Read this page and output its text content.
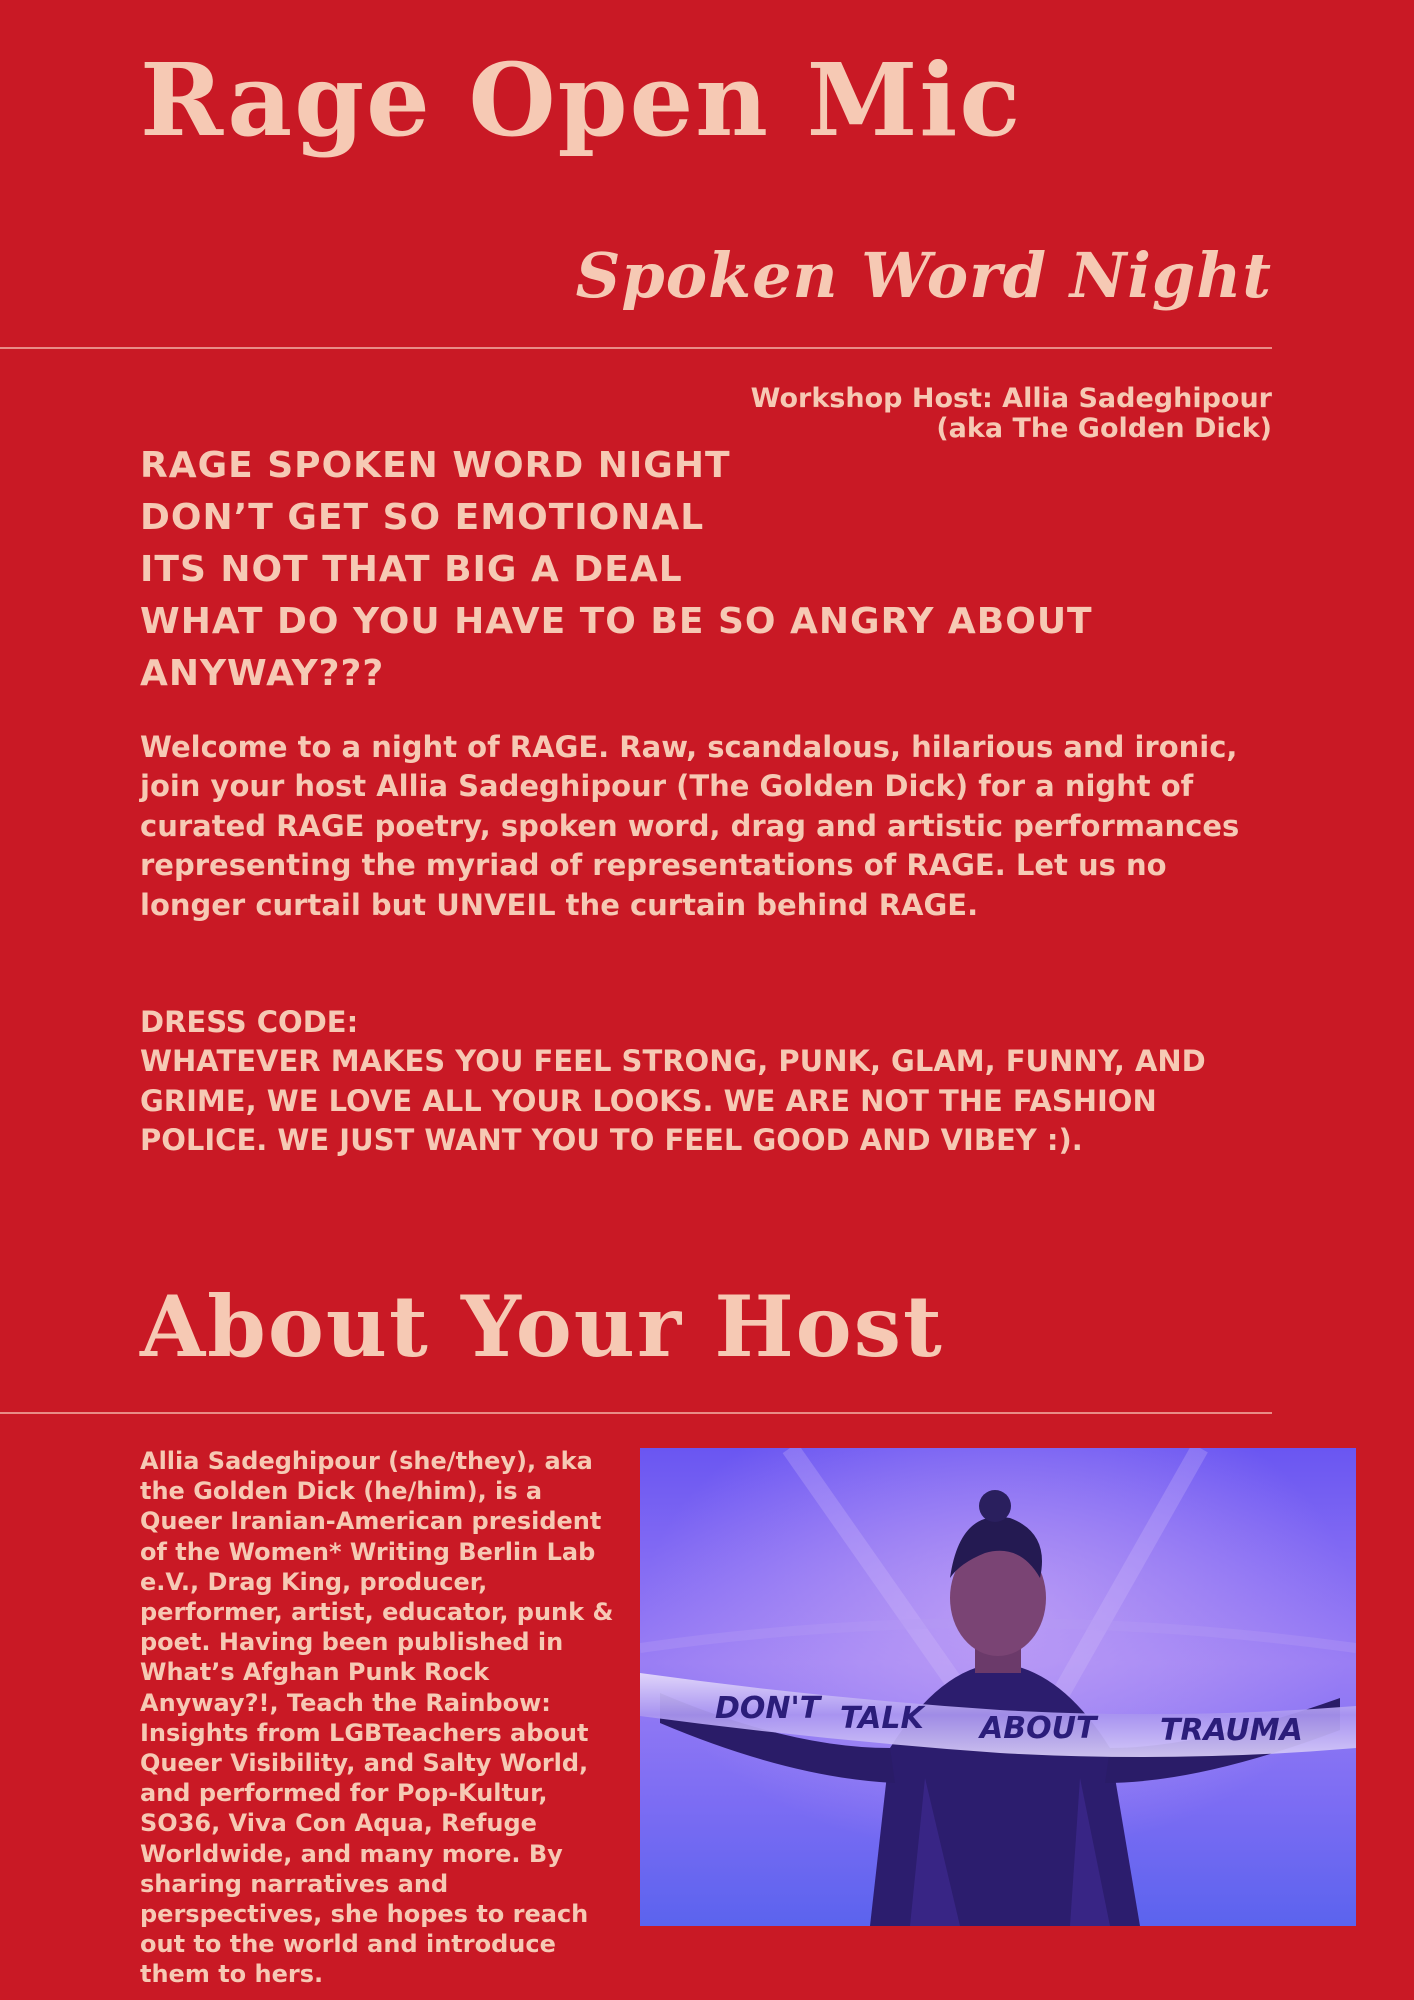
Rage Open Mic
Spoken Word Night
Workshop Host: Allia Sadeghipour
(aka The Golden Dick)
RAGE SPOKEN WORD NIGHT
DON’T GET SO EMOTIONAL
ITS NOT THAT BIG A DEAL
WHAT DO YOU HAVE TO BE SO ANGRY ABOUT
ANYWAY???

Welcome to a night of RAGE. Raw, scandalous, hilarious and ironic, join your host Allia Sadeghipour (The Golden Dick) for a night of curated RAGE poetry, spoken word, drag and artistic performances representing the myriad of representations of RAGE. Let us no longer curtail but UNVEIL the curtain behind RAGE.

DRESS CODE:

WHATEVER MAKES YOU FEEL STRONG, PUNK, GLAM, FUNNY, AND GRIME, WE LOVE ALL YOUR LOOKS. WE ARE NOT THE FASHION POLICE. WE JUST WANT YOU TO FEEL GOOD AND VIBEY :).

About Your Host

Allia Sadeghipour (she/they), aka the Golden Dick (he/him), is a Queer Iranian-American president of the Women* Writing Berlin Lab e.V., Drag King, producer, performer, artist, educator, punk & poet. Having been published in What’s Afghan Punk Rock Anyway?!, Teach the Rainbow: Insights from LGBTeachers about Queer Visibility, and Salty World, and performed for Pop-Kultur, SO36, Viva Con Aqua, Refuge Worldwide, and many more. By sharing narratives and perspectives, she hopes to reach out to the world and introduce them to hers.

DON'T TALK ABOUT TRAUMA
